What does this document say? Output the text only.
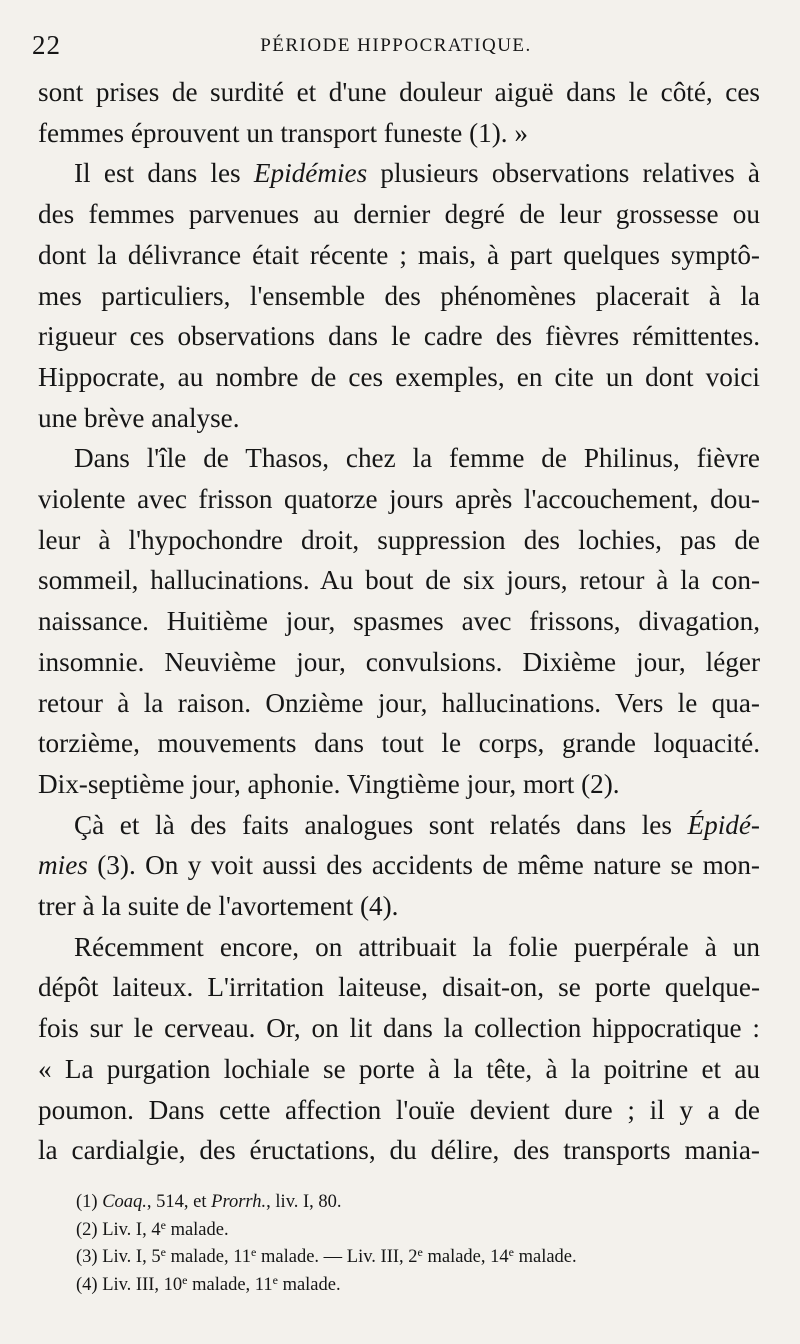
22	PÉRIODE HIPPOCRATIQUE.
sont prises de surdité et d'une douleur aiguë dans le côté, ces
femmes éprouvent un transport funeste (1). »
Il est dans les Epidémies plusieurs observations relatives à
des femmes parvenues au dernier degré de leur grossesse ou
dont la délivrance était récente ; mais, à part quelques symptô-
mes particuliers, l'ensemble des phénomènes placerait à la
rigueur ces observations dans le cadre des fièvres rémittentes.
Hippocrate, au nombre de ces exemples, en cite un dont voici
une brève analyse.
Dans l'île de Thasos, chez la femme de Philinus, fièvre
violente avec frisson quatorze jours après l'accouchement, dou-
leur à l'hypochondre droit, suppression des lochies, pas de
sommeil, hallucinations. Au bout de six jours, retour à la con-
naissance. Huitième jour, spasmes avec frissons, divagation,
insomnie. Neuvième jour, convulsions. Dixième jour, léger
retour à la raison. Onzième jour, hallucinations. Vers le qua-
torzième, mouvements dans tout le corps, grande loquacité.
Dix-septième jour, aphonie. Vingtième jour, mort (2).
Çà et là des faits analogues sont relatés dans les Épidé-
mies (3). On y voit aussi des accidents de même nature se mon-
trer à la suite de l'avortement (4).
Récemment encore, on attribuait la folie puerpérale à un
dépôt laiteux. L'irritation laiteuse, disait-on, se porte quelque-
fois sur le cerveau. Or, on lit dans la collection hippocratique :
« La purgation lochiale se porte à la tête, à la poitrine et au
poumon. Dans cette affection l'ouïe devient dure ; il y a de
la cardialgie, des éructations, du délire, des transports mania-
(1) Coaq., 514, et Prorrh., liv. I, 80.
(2) Liv. I, 4e malade.
(3) Liv. I, 5e malade, 11e malade. — Liv. III, 2e malade, 14e malade.
(4) Liv. III, 10e malade, 11e malade.
